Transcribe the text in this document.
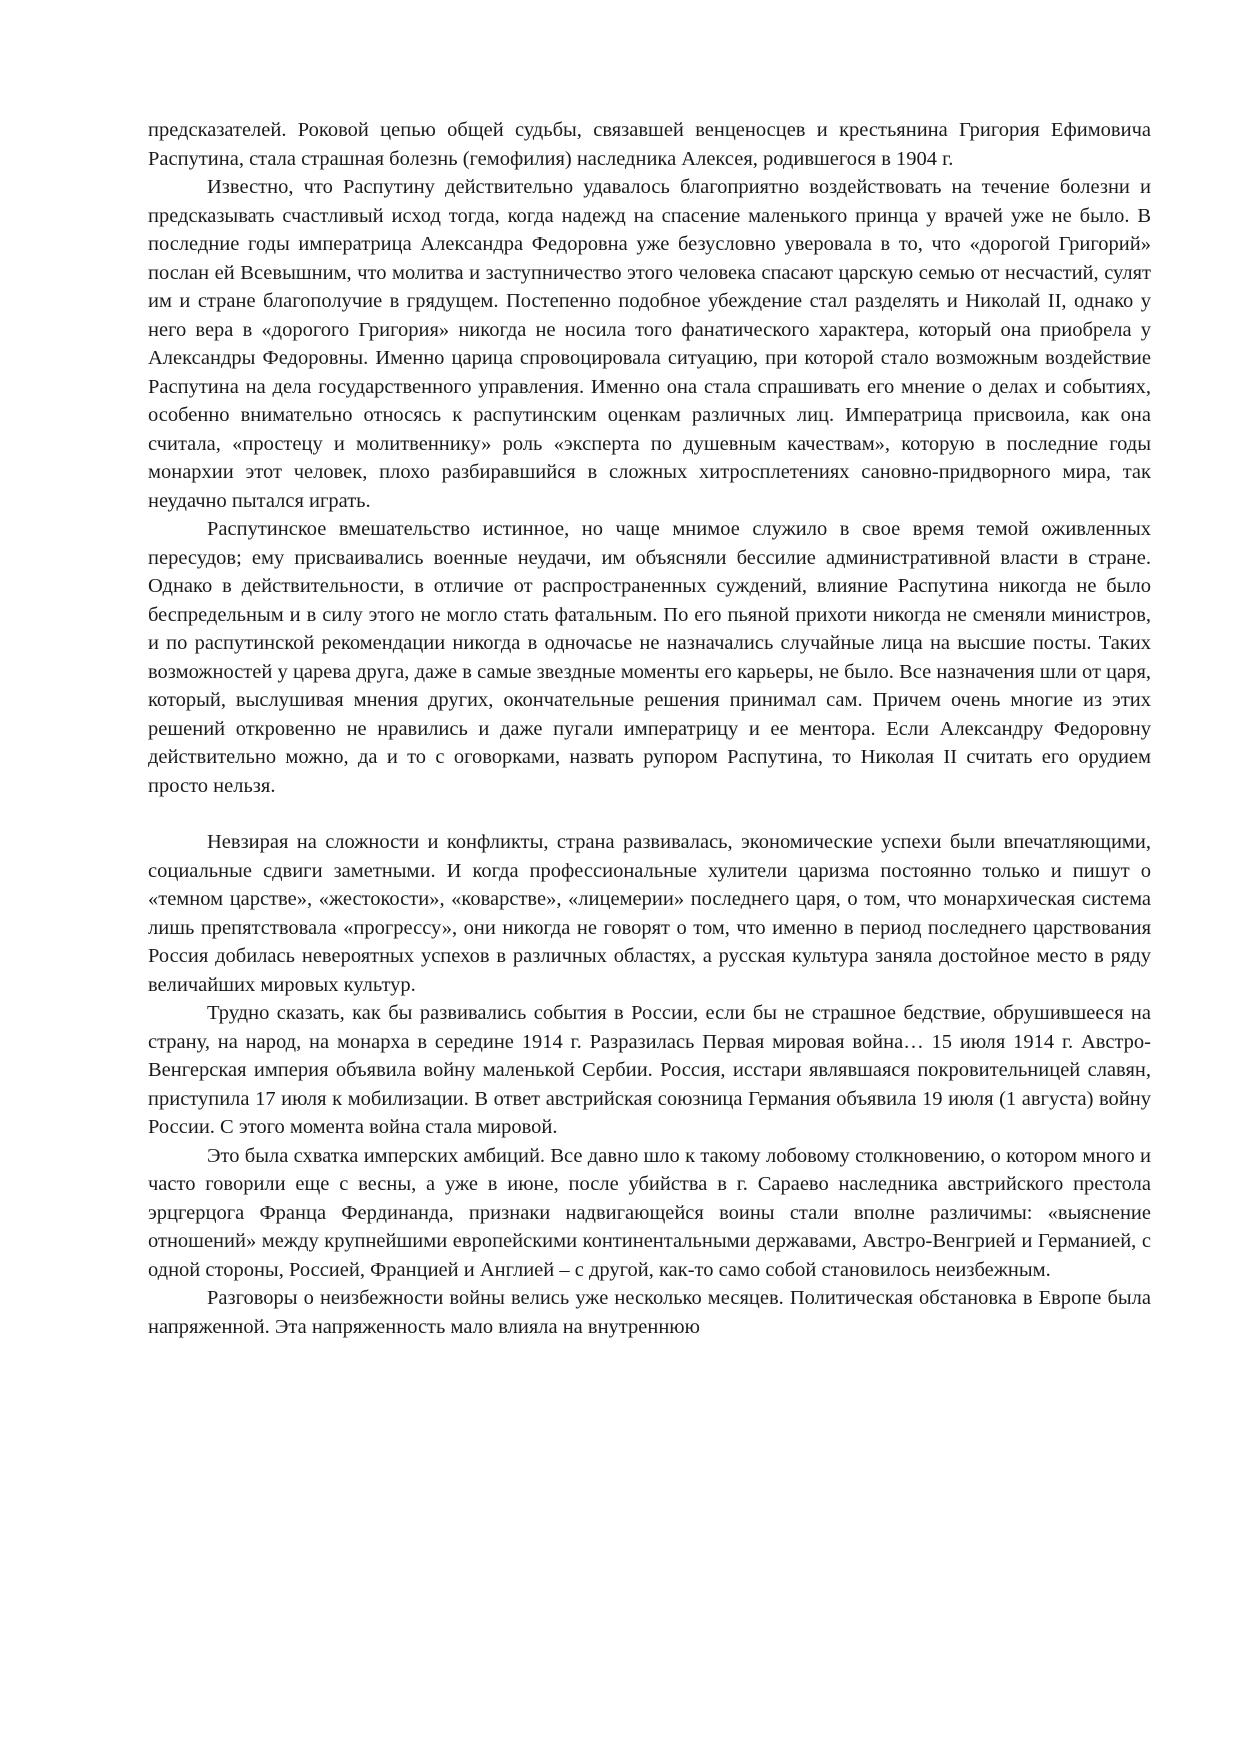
предсказателей. Роковой цепью общей судьбы, связавшей венценосцев и крестьянина Григория Ефимовича Распутина, стала страшная болезнь (гемофилия) наследника Алексея, родившегося в 1904 г.

Известно, что Распутину действительно удавалось благоприятно воздействовать на течение болезни и предсказывать счастливый исход тогда, когда надежд на спасение маленького принца у врачей уже не было. В последние годы императрица Александра Федоровна уже безусловно уверовала в то, что «дорогой Григорий» послан ей Всевышним, что молитва и заступничество этого человека спасают царскую семью от несчастий, сулят им и стране благополучие в грядущем. Постепенно подобное убеждение стал разделять и Николай II, однако у него вера в «дорогого Григория» никогда не носила того фанатического характера, который она приобрела у Александры Федоровны. Именно царица спровоцировала ситуацию, при которой стало возможным воздействие Распутина на дела государственного управления. Именно она стала спрашивать его мнение о делах и событиях, особенно внимательно относясь к распутинским оценкам различных лиц. Императрица присвоила, как она считала, «простецу и молитвеннику» роль «эксперта по душевным качествам», которую в последние годы монархии этот человек, плохо разбиравшийся в сложных хитросплетениях сановно-придворного мира, так неудачно пытался играть.

Распутинское вмешательство истинное, но чаще мнимое служило в свое время темой оживленных пересудов; ему присваивались военные неудачи, им объясняли бессилие административной власти в стране. Однако в действительности, в отличие от распространенных суждений, влияние Распутина никогда не было беспредельным и в силу этого не могло стать фатальным. По его пьяной прихоти никогда не сменяли министров, и по распутинской рекомендации никогда в одночасье не назначались случайные лица на высшие посты. Таких возможностей у царева друга, даже в самые звездные моменты его карьеры, не было. Все назначения шли от царя, который, выслушивая мнения других, окончательные решения принимал сам. Причем очень многие из этих решений откровенно не нравились и даже пугали императрицу и ее ментора. Если Александру Федоровну действительно можно, да и то с оговорками, назвать рупором Распутина, то Николая II считать его орудием просто нельзя.

Невзирая на сложности и конфликты, страна развивалась, экономические успехи были впечатляющими, социальные сдвиги заметными. И когда профессиональные хулители царизма постоянно только и пишут о «темном царстве», «жестокости», «коварстве», «лицемерии» последнего царя, о том, что монархическая система лишь препятствовала «прогрессу», они никогда не говорят о том, что именно в период последнего царствования Россия добилась невероятных успехов в различных областях, а русская культура заняла достойное место в ряду величайших мировых культур.

Трудно сказать, как бы развивались события в России, если бы не страшное бедствие, обрушившееся на страну, на народ, на монарха в середине 1914 г. Разразилась Первая мировая война… 15 июля 1914 г. Австро-Венгерская империя объявила войну маленькой Сербии. Россия, исстари являвшаяся покровительницей славян, приступила 17 июля к мобилизации. В ответ австрийская союзница Германия объявила 19 июля (1 августа) войну России. С этого момента война стала мировой.

Это была схватка имперских амбиций. Все давно шло к такому лобовому столкновению, о котором много и часто говорили еще с весны, а уже в июне, после убийства в г. Сараево наследника австрийского престола эрцгерцога Франца Фердинанда, признаки надвигающейся воины стали вполне различимы: «выяснение отношений» между крупнейшими европейскими континентальными державами, Австро-Венгрией и Германией, с одной стороны, Россией, Францией и Англией – с другой, как-то само собой становилось неизбежным.

Разговоры о неизбежности войны велись уже несколько месяцев. Политическая обстановка в Европе была напряженной. Эта напряженность мало влияла на внутреннюю
